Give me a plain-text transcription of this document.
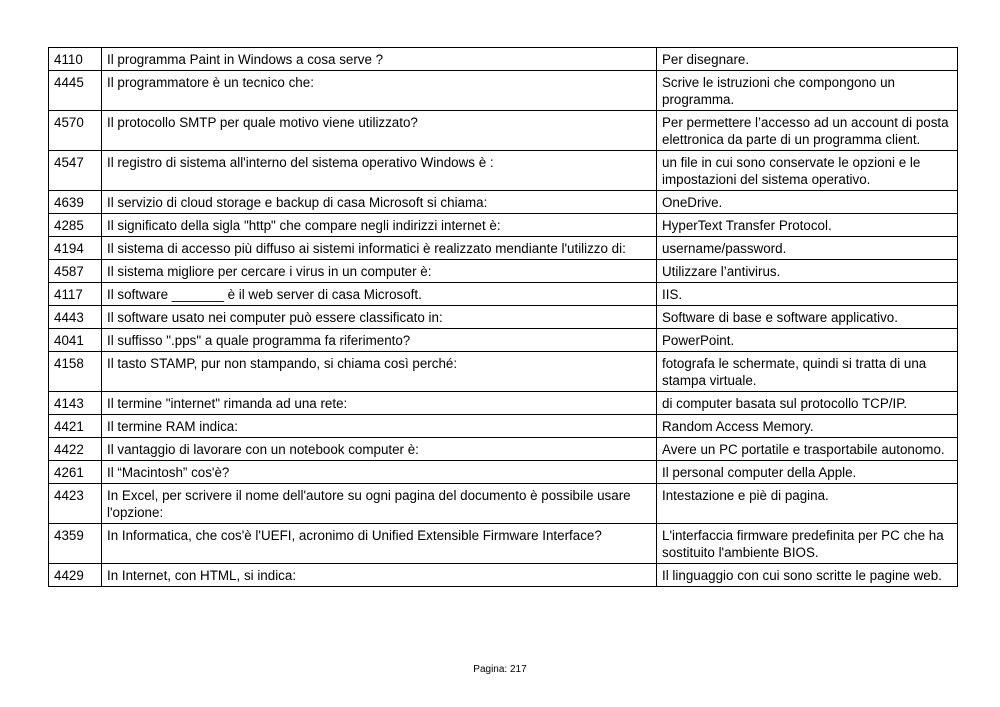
4110	Il programma Paint in Windows a cosa serve ?	Per disegnare.
4445	Il programmatore è un tecnico che:	Scrive le istruzioni che compongono un programma.
4570	Il protocollo SMTP per quale motivo viene utilizzato?	Per permettere l’accesso ad un account di posta elettronica da parte di un programma client.
4547	Il registro di sistema all'interno del sistema operativo Windows è :	un file in cui sono conservate le opzioni e le impostazioni del sistema operativo.
4639	Il servizio di cloud storage e backup di casa Microsoft si chiama:	OneDrive.
4285	Il significato della sigla "http" che compare negli indirizzi internet è:	HyperText Transfer Protocol.
4194	Il sistema di accesso più diffuso ai sistemi informatici è realizzato mendiante l'utilizzo di:	username/password.
4587	Il sistema migliore per cercare i virus in un computer è:	Utilizzare l’antivirus.
4117	Il software _______ è il web server di casa Microsoft.	IIS.
4443	Il software usato nei computer può essere classificato in:	Software di base e software applicativo.
4041	Il suffisso ".pps" a quale programma fa riferimento?	PowerPoint.
4158	Il tasto STAMP, pur non stampando, si chiama così perché:	fotografa le schermate, quindi si tratta di una stampa virtuale.
4143	Il termine "internet" rimanda ad una rete:	di computer basata sul protocollo TCP/IP.
4421	Il termine RAM indica:	Random Access Memory.
4422	Il vantaggio di lavorare con un notebook computer è:	Avere un PC portatile e trasportabile autonomo.
4261	Il “Macintosh” cos'è?	Il personal computer della Apple.
4423	In Excel, per scrivere il nome dell'autore su ogni pagina del documento è possibile usare l'opzione:	Intestazione e piè di pagina.
4359	In Informatica, che cos'è l'UEFI, acronimo di Unified Extensible Firmware Interface?	L'interfaccia firmware predefinita per PC che ha sostituito l'ambiente BIOS.
4429	In Internet, con HTML, si indica:	Il linguaggio con cui sono scritte le pagine web.
Pagina: 217
